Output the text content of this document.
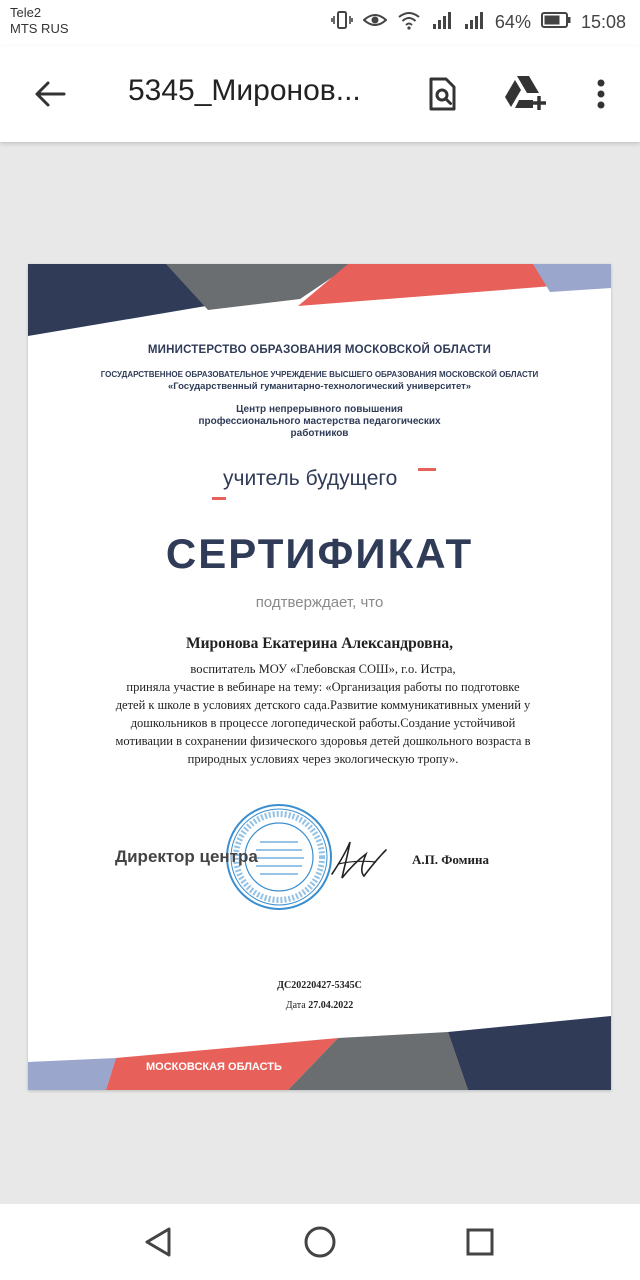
Tele2
MTS RUS	64%	15:08
5345_Миронов...
МИНИСТЕРСТВО ОБРАЗОВАНИЯ МОСКОВСКОЙ ОБЛАСТИ
ГОСУДАРСТВЕННОЕ ОБРАЗОВАТЕЛЬНОЕ УЧРЕЖДЕНИЕ ВЫСШЕГО ОБРАЗОВАНИЯ МОСКОВСКОЙ ОБЛАСТИ
«Государственный гуманитарно-технологический университет»
Центр непрерывного повышения
профессионального мастерства педагогических
работников
учитель будущего
СЕРТИФИКАТ
подтверждает, что
Миронова Екатерина Александровна,
воспитатель МОУ «Глебовская СОШ», г.о. Истра,
приняла участие в вебинаре на тему: «Организация работы по подготовке
детей к школе в условиях детского сада.Развитие коммуникативных умений у
дошкольников в процессе логопедической работы.Создание устойчивой
мотивации в сохранении физического здоровья детей дошкольного возраста в
природных условиях через экологическую тропу».
Директор центра	А.П. Фомина
ДС20220427-5345С
Дата 27.04.2022
МОСКОВСКАЯ ОБЛАСТЬ
